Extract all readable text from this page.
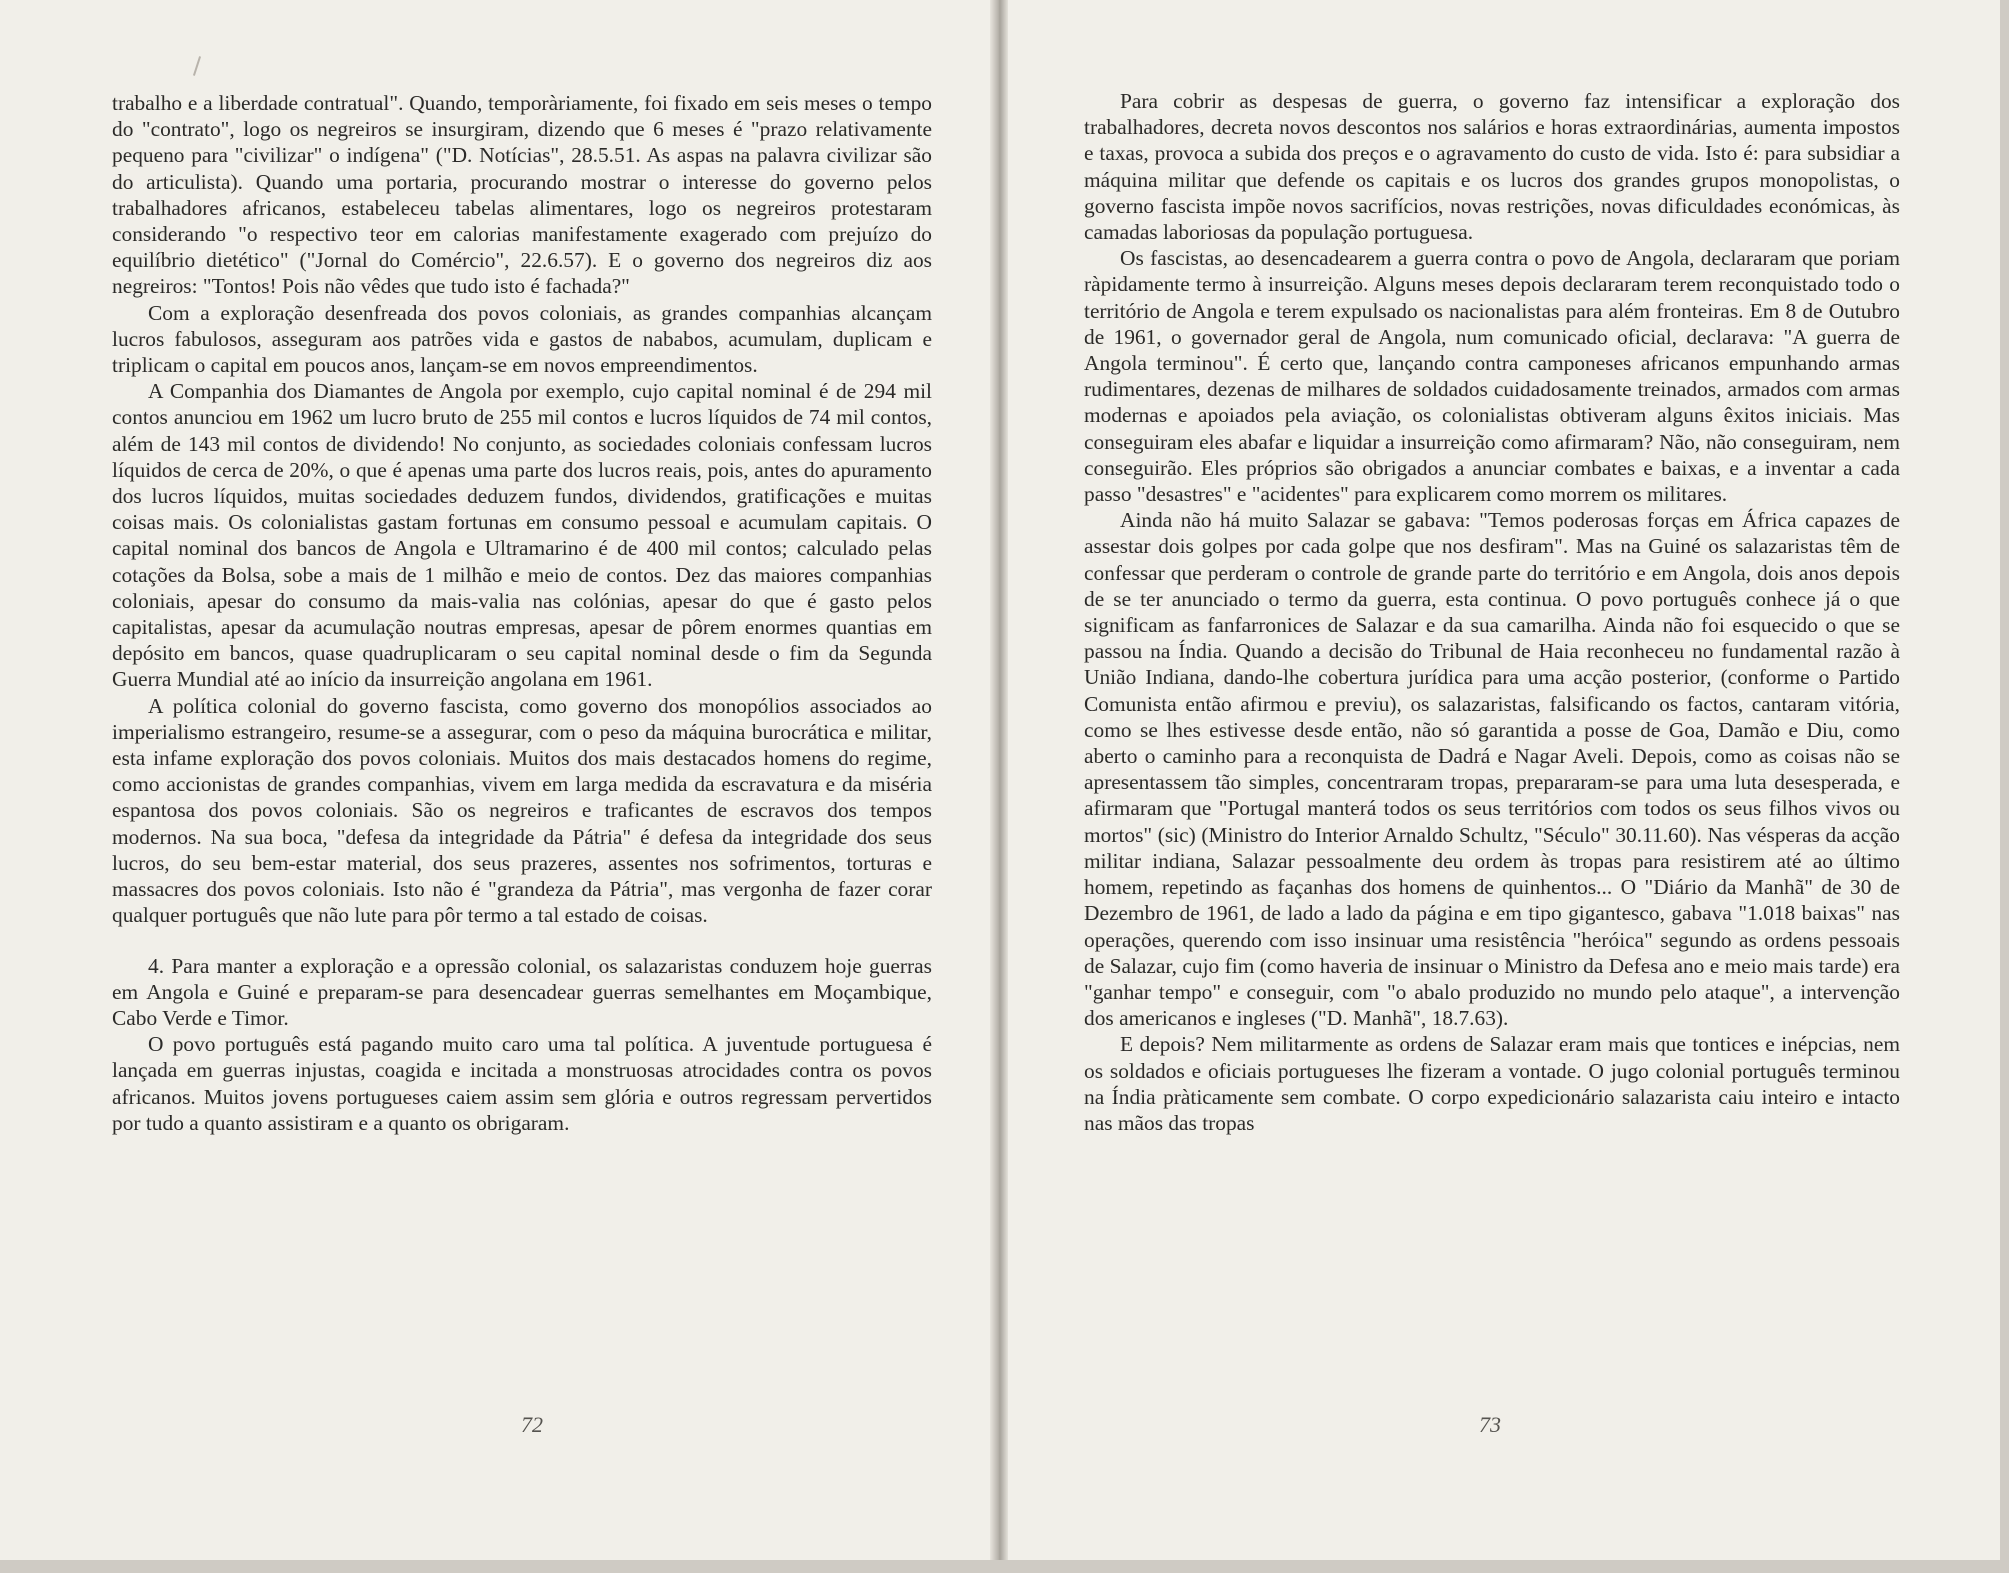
trabalho e a liberdade contratual". Quando, temporàriamente, foi fixado em seis meses o tempo do "contrato", logo os negreiros se insurgiram, dizendo que 6 meses é "prazo relativamente pequeno para "civilizar" o indígena" ("D. Notícias", 28.5.51. As aspas na palavra civilizar são do articulista). Quando uma portaria, procurando mostrar o interesse do governo pelos trabalhadores africanos, estabeleceu tabelas alimentares, logo os negreiros protestaram considerando "o respectivo teor em calorias manifestamente exagerado com prejuízo do equilíbrio dietético" ("Jornal do Comércio", 22.6.57). E o governo dos negreiros diz aos negreiros: "Tontos! Pois não vêdes que tudo isto é fachada?"

Com a exploração desenfreada dos povos coloniais, as grandes companhias alcançam lucros fabulosos, asseguram aos patrões vida e gastos de nababos, acumulam, duplicam e triplicam o capital em poucos anos, lançam-se em novos empreendimentos.

A Companhia dos Diamantes de Angola por exemplo, cujo capital nominal é de 294 mil contos anunciou em 1962 um lucro bruto de 255 mil contos e lucros líquidos de 74 mil contos, além de 143 mil contos de dividendo! No conjunto, as sociedades coloniais confessam lucros líquidos de cerca de 20%, o que é apenas uma parte dos lucros reais, pois, antes do apuramento dos lucros líquidos, muitas sociedades deduzem fundos, dividendos, gratificações e muitas coisas mais. Os colonialistas gastam fortunas em consumo pessoal e acumulam capitais. O capital nominal dos bancos de Angola e Ultramarino é de 400 mil contos; calculado pelas cotações da Bolsa, sobe a mais de 1 milhão e meio de contos. Dez das maiores companhias coloniais, apesar do consumo da mais-valia nas colónias, apesar do que é gasto pelos capitalistas, apesar da acumulação noutras empresas, apesar de pôrem enormes quantias em depósito em bancos, quase quadruplicaram o seu capital nominal desde o fim da Segunda Guerra Mundial até ao início da insurreição angolana em 1961.

A política colonial do governo fascista, como governo dos monopólios associados ao imperialismo estrangeiro, resume-se a assegurar, com o peso da máquina burocrática e militar, esta infame exploração dos povos coloniais. Muitos dos mais destacados homens do regime, como accionistas de grandes companhias, vivem em larga medida da escravatura e da miséria espantosa dos povos coloniais. São os negreiros e traficantes de escravos dos tempos modernos. Na sua boca, "defesa da integridade da Pátria" é defesa da integridade dos seus lucros, do seu bem-estar material, dos seus prazeres, assentes nos sofrimentos, torturas e massacres dos povos coloniais. Isto não é "grandeza da Pátria", mas vergonha de fazer corar qualquer português que não lute para pôr termo a tal estado de coisas.

4. Para manter a exploração e a opressão colonial, os salazaristas conduzem hoje guerras em Angola e Guiné e preparam-se para desencadear guerras semelhantes em Moçambique, Cabo Verde e Timor.

O povo português está pagando muito caro uma tal política. A juventude portuguesa é lançada em guerras injustas, coagida e incitada a monstruosas atrocidades contra os povos africanos. Muitos jovens portugueses caiem assim sem glória e outros regressam pervertidos por tudo a quanto assistiram e a quanto os obrigaram.

72

Para cobrir as despesas de guerra, o governo faz intensificar a exploração dos trabalhadores, decreta novos descontos nos salários e horas extraordinárias, aumenta impostos e taxas, provoca a subida dos preços e o agravamento do custo de vida. Isto é: para subsidiar a máquina militar que defende os capitais e os lucros dos grandes grupos monopolistas, o governo fascista impõe novos sacrifícios, novas restrições, novas dificuldades económicas, às camadas laboriosas da população portuguesa.

Os fascistas, ao desencadearem a guerra contra o povo de Angola, declararam que poriam ràpidamente termo à insurreição. Alguns meses depois declararam terem reconquistado todo o território de Angola e terem expulsado os nacionalistas para além fronteiras. Em 8 de Outubro de 1961, o governador geral de Angola, num comunicado oficial, declarava: "A guerra de Angola terminou". É certo que, lançando contra camponeses africanos empunhando armas rudimentares, dezenas de milhares de soldados cuidadosamente treinados, armados com armas modernas e apoiados pela aviação, os colonialistas obtiveram alguns êxitos iniciais. Mas conseguiram eles abafar e liquidar a insurreição como afirmaram? Não, não conseguiram, nem conseguirão. Eles próprios são obrigados a anunciar combates e baixas, e a inventar a cada passo "desastres" e "acidentes" para explicarem como morrem os militares.

Ainda não há muito Salazar se gabava: "Temos poderosas forças em África capazes de assestar dois golpes por cada golpe que nos desfiram". Mas na Guiné os salazaristas têm de confessar que perderam o controle de grande parte do território e em Angola, dois anos depois de se ter anunciado o termo da guerra, esta continua. O povo português conhece já o que significam as fanfarronices de Salazar e da sua camarilha. Ainda não foi esquecido o que se passou na Índia. Quando a decisão do Tribunal de Haia reconheceu no fundamental razão à União Indiana, dando-lhe cobertura jurídica para uma acção posterior, (conforme o Partido Comunista então afirmou e previu), os salazaristas, falsificando os factos, cantaram vitória, como se lhes estivesse desde então, não só garantida a posse de Goa, Damão e Diu, como aberto o caminho para a reconquista de Dadrá e Nagar Aveli. Depois, como as coisas não se apresentassem tão simples, concentraram tropas, prepararam-se para uma luta desesperada, e afirmaram que "Portugal manterá todos os seus territórios com todos os seus filhos vivos ou mortos" (sic) (Ministro do Interior Arnaldo Schultz, "Século" 30.11.60). Nas vésperas da acção militar indiana, Salazar pessoalmente deu ordem às tropas para resistirem até ao último homem, repetindo as façanhas dos homens de quinhentos... O "Diário da Manhã" de 30 de Dezembro de 1961, de lado a lado da página e em tipo gigantesco, gabava "1.018 baixas" nas operações, querendo com isso insinuar uma resistência "heróica" segundo as ordens pessoais de Salazar, cujo fim (como haveria de insinuar o Ministro da Defesa ano e meio mais tarde) era "ganhar tempo" e conseguir, com "o abalo produzido no mundo pelo ataque", a intervenção dos americanos e ingleses ("D. Manhã", 18.7.63).

E depois? Nem militarmente as ordens de Salazar eram mais que tontices e inépcias, nem os soldados e oficiais portugueses lhe fizeram a vontade. O jugo colonial português terminou na Índia pràticamente sem combate. O corpo expedicionário salazarista caiu inteiro e intacto nas mãos das tropas

73
